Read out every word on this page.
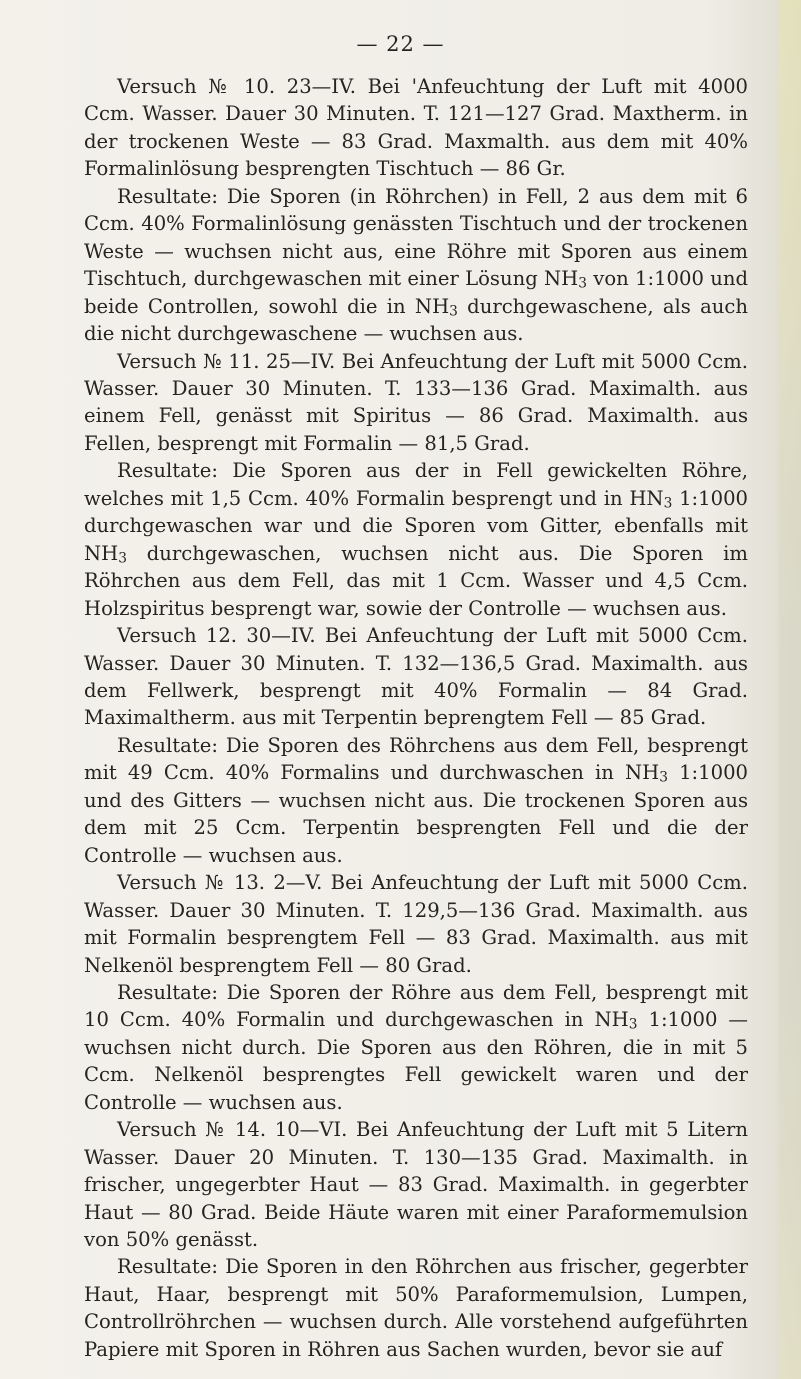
— 22 —

Versuch № 10. 23—IV. Bei 'Anfeuchtung der Luft mit 4000 Ccm. Wasser. Dauer 30 Minuten. T. 121—127 Grad. Maxtherm. in der trockenen Weste — 83 Grad. Maxmalth. aus dem mit 40% Formalinlösung besprengten Tischtuch — 86 Gr.

Resultate: Die Sporen (in Röhrchen) in Fell, 2 aus dem mit 6 Ccm. 40% Formalinlösung genässten Tischtuch und der trockenen Weste — wuchsen nicht aus, eine Röhre mit Sporen aus einem Tischtuch, durchgewaschen mit einer Lösung $NH_3$ von 1:1000 und beide Controllen, sowohl die in $NH_3$ durchgewaschene, als auch die nicht durchgewaschene — wuchsen aus.

Versuch № 11. 25—IV. Bei Anfeuchtung der Luft mit 5000 Ccm. Wasser. Dauer 30 Minuten. T. 133—136 Grad. Maximalth. aus einem Fell, genässt mit Spiritus — 86 Grad. Maximalth. aus Fellen, besprengt mit Formalin — 81,5 Grad.

Resultate: Die Sporen aus der in Fell gewickelten Röhre, welches mit 1,5 Ccm. 40% Formalin besprengt und in $HN_3$ 1:1000 durchgewaschen war und die Sporen vom Gitter, ebenfalls mit $NH_3$ durchgewaschen, wuchsen nicht aus. Die Sporen im Röhrchen aus dem Fell, das mit 1 Ccm. Wasser und 4,5 Ccm. Holzspiritus besprengt war, sowie der Controlle — wuchsen aus.

Versuch 12. 30—IV. Bei Anfeuchtung der Luft mit 5000 Ccm. Wasser. Dauer 30 Minuten. T. 132—136,5 Grad. Maximalth. aus dem Fellwerk, besprengt mit 40% Formalin — 84 Grad. Maximaltherm. aus mit Terpentin beprengtem Fell — 85 Grad.

Resultate: Die Sporen des Röhrchens aus dem Fell, besprengt mit 49 Ccm. 40% Formalins und durchwaschen in $NH_3$ 1:1000 und des Gitters — wuchsen nicht aus. Die trockenen Sporen aus dem mit 25 Ccm. Terpentin besprengten Fell und die der Controlle — wuchsen aus.

Versuch № 13. 2—V. Bei Anfeuchtung der Luft mit 5000 Ccm. Wasser. Dauer 30 Minuten. T. 129,5—136 Grad. Maximalth. aus mit Formalin besprengtem Fell — 83 Grad. Maximalth. aus mit Nelkenöl besprengtem Fell — 80 Grad.

Resultate: Die Sporen der Röhre aus dem Fell, besprengt mit 10 Ccm. 40% Formalin und durchgewaschen in $NH_3$ 1:1000 — wuchsen nicht durch. Die Sporen aus den Röhren, die in mit 5 Ccm. Nelkenöl besprengtes Fell gewickelt waren und der Controlle — wuchsen aus.

Versuch № 14. 10—VI. Bei Anfeuchtung der Luft mit 5 Litern Wasser. Dauer 20 Minuten. T. 130—135 Grad. Maximalth. in frischer, ungegerbter Haut — 83 Grad. Maximalth. in gegerbter Haut — 80 Grad. Beide Häute waren mit einer Paraformemulsion von 50% genässt.

Resultate: Die Sporen in den Röhrchen aus frischer, gegerbter Haut, Haar, besprengt mit 50% Paraformemulsion, Lumpen, Controllröhrchen — wuchsen durch. Alle vorstehend aufgeführten Papiere mit Sporen in Röhren aus Sachen wurden, bevor sie auf
